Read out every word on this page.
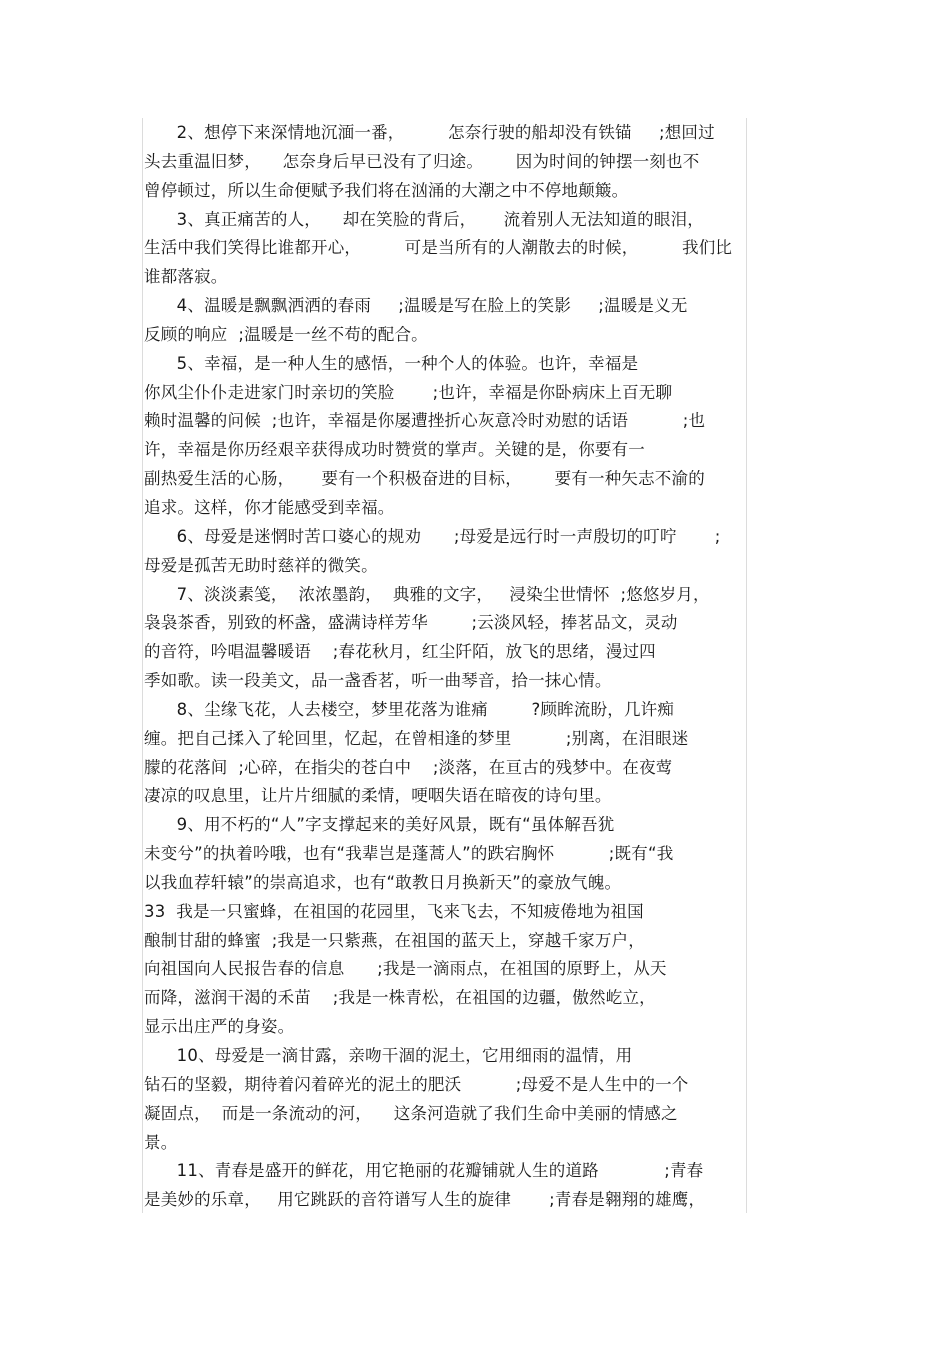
2、想停下来深情地沉湎一番，        怎奈行驶的船却没有铁锚     ;想回过
头去重温旧梦，    怎奈身后早已没有了归途。      因为时间的钟摆一刻也不
曾停顿过，所以生命便赋予我们将在汹涌的大潮之中不停地颠簸。
3、真正痛苦的人，    却在笑脸的背后，     流着别人无法知道的眼泪，
生活中我们笑得比谁都开心，        可是当所有的人潮散去的时候，        我们比
谁都落寂。
4、温暖是飘飘洒洒的春雨     ;温暖是写在脸上的笑影     ;温暖是义无
反顾的响应  ;温暖是一丝不苟的配合。
5、幸福，是一种人生的感悟，一种个人的体验。也许，幸福是
你风尘仆仆走进家门时亲切的笑脸       ;也许，幸福是你卧病床上百无聊
赖时温馨的问候  ;也许，幸福是你屡遭挫折心灰意冷时劝慰的话语          ;也
许，幸福是你历经艰辛获得成功时赞赏的掌声。关键的是，你要有一
副热爱生活的心肠，     要有一个积极奋进的目标，      要有一种矢志不渝的
追求。这样，你才能感受到幸福。
6、母爱是迷惘时苦口婆心的规劝      ;母爱是远行时一声殷切的叮咛       ;
母爱是孤苦无助时慈祥的微笑。
7、淡淡素笺，  浓浓墨韵，  典雅的文字，   浸染尘世情怀  ;悠悠岁月，
袅袅茶香，别致的杯盏，盛满诗样芳华        ;云淡风轻，捧茗品文，灵动
的音符，吟唱温馨暖语    ;春花秋月，红尘阡陌，放飞的思绪，漫过四
季如歌。读一段美文，品一盏香茗，听一曲琴音，拾一抹心情。
8、尘缘飞花，人去楼空，梦里花落为谁痛        ?顾眸流盼，几许痴
缠。把自己揉入了轮回里，忆起，在曾相逢的梦里          ;别离，在泪眼迷
朦的花落间  ;心碎，在指尖的苍白中    ;淡落，在亘古的残梦中。在夜莺
凄凉的叹息里，让片片细腻的柔情，哽咽失语在暗夜的诗句里。
9、用不朽的“人”字支撑起来的美好风景，既有“虽体解吾犹
未变兮”的执着吟哦，也有“我辈岂是蓬蒿人”的跌宕胸怀          ;既有“我
以我血荐轩辕”的崇高追求，也有“敢教日月换新天”的豪放气魄。
33  我是一只蜜蜂，在祖国的花园里，飞来飞去，不知疲倦地为祖国
酿制甘甜的蜂蜜  ;我是一只紫燕，在祖国的蓝天上，穿越千家万户，
向祖国向人民报告春的信息      ;我是一滴雨点，在祖国的原野上，从天
而降，滋润干渴的禾苗    ;我是一株青松，在祖国的边疆，傲然屹立，
显示出庄严的身姿。
10、母爱是一滴甘露，亲吻干涸的泥土，它用细雨的温情，用
钻石的坚毅，期待着闪着碎光的泥土的肥沃          ;母爱不是人生中的一个
凝固点，  而是一条流动的河，    这条河造就了我们生命中美丽的情感之
景。
11、青春是盛开的鲜花，用它艳丽的花瓣铺就人生的道路            ;青春
是美妙的乐章，   用它跳跃的音符谱写人生的旋律       ;青春是翱翔的雄鹰，
